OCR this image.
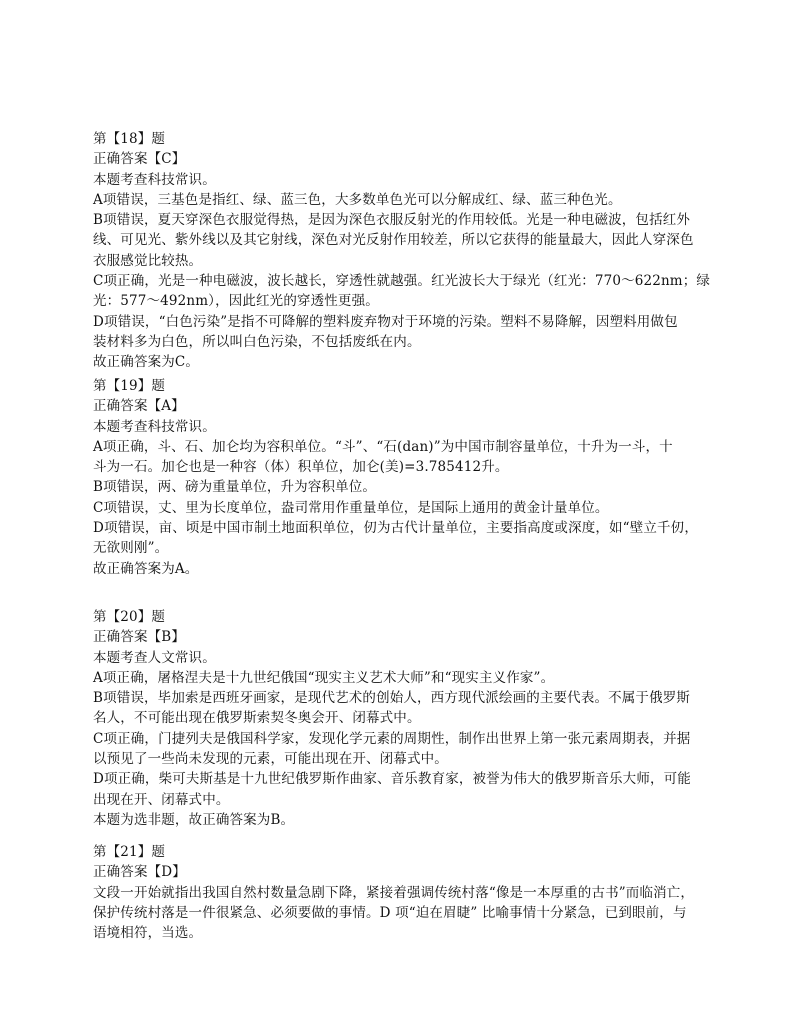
第【18】题
正确答案【C】
本题考查科技常识。
A项错误，三基色是指红、绿、蓝三色，大多数单色光可以分解成红、绿、蓝三种色光。
B项错误，夏天穿深色衣服觉得热，是因为深色衣服反射光的作用较低。光是一种电磁波，包括红外
线、可见光、紫外线以及其它射线，深色对光反射作用较差，所以它获得的能量最大，因此人穿深色
衣服感觉比较热。
C项正确，光是一种电磁波，波长越长，穿透性就越强。红光波长大于绿光（红光：770～622nm；绿
光：577～492nm），因此红光的穿透性更强。
D项错误，“白色污染”是指不可降解的塑料废弃物对于环境的污染。塑料不易降解，因塑料用做包
装材料多为白色，所以叫白色污染，不包括废纸在内。
故正确答案为C。
第【19】题
正确答案【A】
本题考查科技常识。
A项正确，斗、石、加仑均为容积单位。“斗”、“石(dan)”为中国市制容量单位，十升为一斗，十
斗为一石。加仑也是一种容（体）积单位，加仑(美)=3.785412升。
B项错误，两、磅为重量单位，升为容积单位。
C项错误，丈、里为长度单位，盎司常用作重量单位，是国际上通用的黄金计量单位。
D项错误，亩、顷是中国市制土地面积单位，仞为古代计量单位，主要指高度或深度，如“壁立千仞，
无欲则刚”。
故正确答案为A。
第【20】题
正确答案【B】
本题考查人文常识。
A项正确，屠格涅夫是十九世纪俄国“现实主义艺术大师”和“现实主义作家”。
B项错误，毕加索是西班牙画家，是现代艺术的创始人，西方现代派绘画的主要代表。不属于俄罗斯
名人，不可能出现在俄罗斯索契冬奥会开、闭幕式中。
C项正确，门捷列夫是俄国科学家，发现化学元素的周期性，制作出世界上第一张元素周期表，并据
以预见了一些尚未发现的元素，可能出现在开、闭幕式中。
D项正确，柴可夫斯基是十九世纪俄罗斯作曲家、音乐教育家，被誉为伟大的俄罗斯音乐大师，可能
出现在开、闭幕式中。
本题为选非题，故正确答案为B。
第【21】题
正确答案【D】
文段一开始就指出我国自然村数量急剧下降，紧接着强调传统村落“像是一本厚重的古书”而临消亡，
保护传统村落是一件很紧急、必须要做的事情。D 项“迫在眉睫” 比喻事情十分紧急，已到眼前，与
语境相符，当选。
